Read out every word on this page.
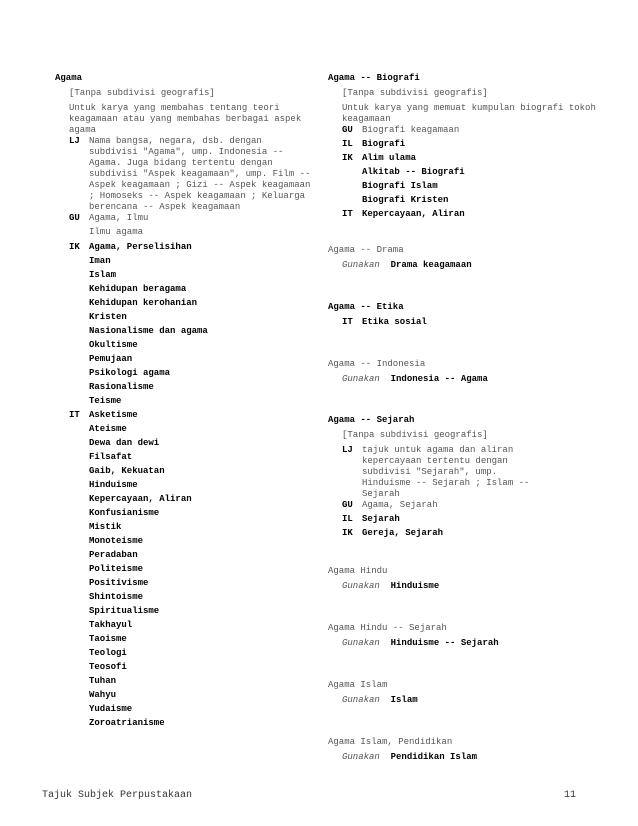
Agama
[Tanpa subdivisi geografis]
Untuk karya yang membahas tentang teori keagamaan atau yang membahas berbagai aspek agama
LJ	Nama bangsa, negara, dsb. dengan subdivisi "Agama", ump. Indonesia -- Agama. Juga bidang tertentu dengan subdivisi "Aspek keagamaan", ump. Film -- Aspek keagamaan ; Gizi -- Aspek keagamaan ; Homoseks -- Aspek keagamaan ; Keluarga berencana -- Aspek keagamaan
GU	Agama, Ilmu
Ilmu agama
IK	Agama, Perselisihan
Iman
Islam
Kehidupan beragama
Kehidupan kerohanian
Kristen
Nasionalisme dan agama
Okultisme
Pemujaan
Psikologi agama
Rasionalisme
Teisme
IT	Asketisme
Ateisme
Dewa dan dewi
Filsafat
Gaib, Kekuatan
Hinduisme
Kepercayaan, Aliran
Konfusianisme
Mistik
Monoteisme
Peradaban
Politeisme
Positivisme
Shintoisme
Spiritualisme
Takhayul
Taoisme
Teologi
Teosofi
Tuhan
Wahyu
Yudaisme
Zoroatrianisme
Agama -- Biografi
[Tanpa subdivisi geografis]
Untuk karya yang memuat kumpulan biografi tokoh keagamaan
GU	Biografi keagamaan
IL	Biografi
IK	Alim ulama
Alkitab -- Biografi
Biografi Islam
Biografi Kristen
IT	Kepercayaan, Aliran
Agama -- Drama
Gunakan Drama keagamaan
Agama -- Etika
IT	Etika sosial
Agama -- Indonesia
Gunakan Indonesia -- Agama
Agama -- Sejarah
[Tanpa subdivisi geografis]
LJ	tajuk untuk agama dan aliran kepercayaan tertentu dengan subdivisi "Sejarah", ump. Hinduisme -- Sejarah ; Islam -- Sejarah
GU	Agama, Sejarah
IL	Sejarah
IK	Gereja, Sejarah
Agama Hindu
Gunakan Hinduisme
Agama Hindu -- Sejarah
Gunakan Hinduisme -- Sejarah
Agama Islam
Gunakan Islam
Agama Islam, Pendidikan
Gunakan Pendidikan Islam
Tajuk Subjek Perpustakaan	11
